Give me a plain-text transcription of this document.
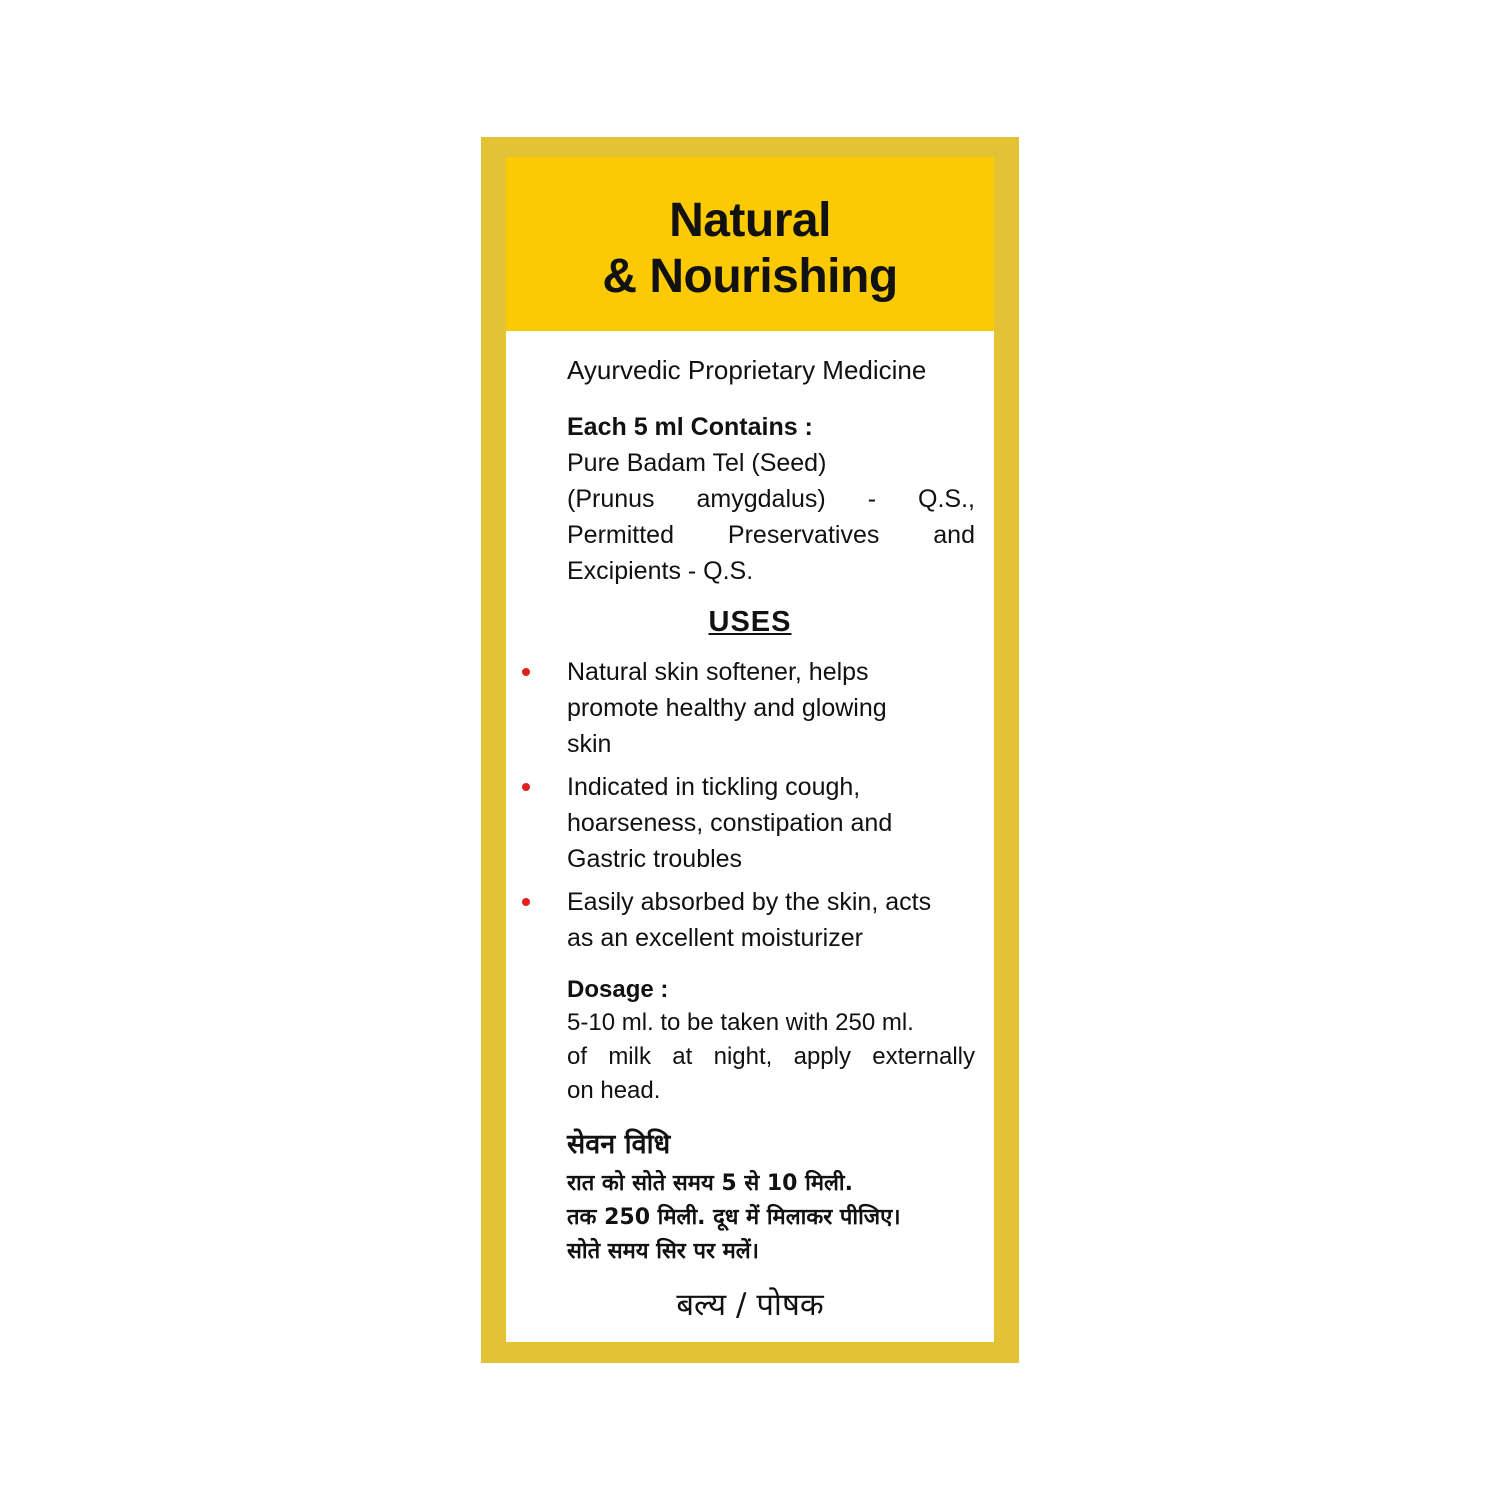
Natural
& Nourishing
Ayurvedic Proprietary Medicine
Each 5 ml Contains :
Pure Badam Tel (Seed)
(Prunus amygdalus) - Q.S.,
Permitted Preservatives and
Excipients - Q.S.
USES
Natural skin softener, helps
promote healthy and glowing
skin
Indicated in tickling cough,
hoarseness, constipation and
Gastric troubles
Easily absorbed by the skin, acts
as an excellent moisturizer
Dosage :
5-10 ml. to be taken with 250 ml.
of milk at night, apply externally
on head.
सेवन विधि
रात को सोते समय 5 से 10 मिली.
तक 250 मिली. दूध में मिलाकर पीजिए।
सोते समय सिर पर मलें।
बल्य / पोषक
